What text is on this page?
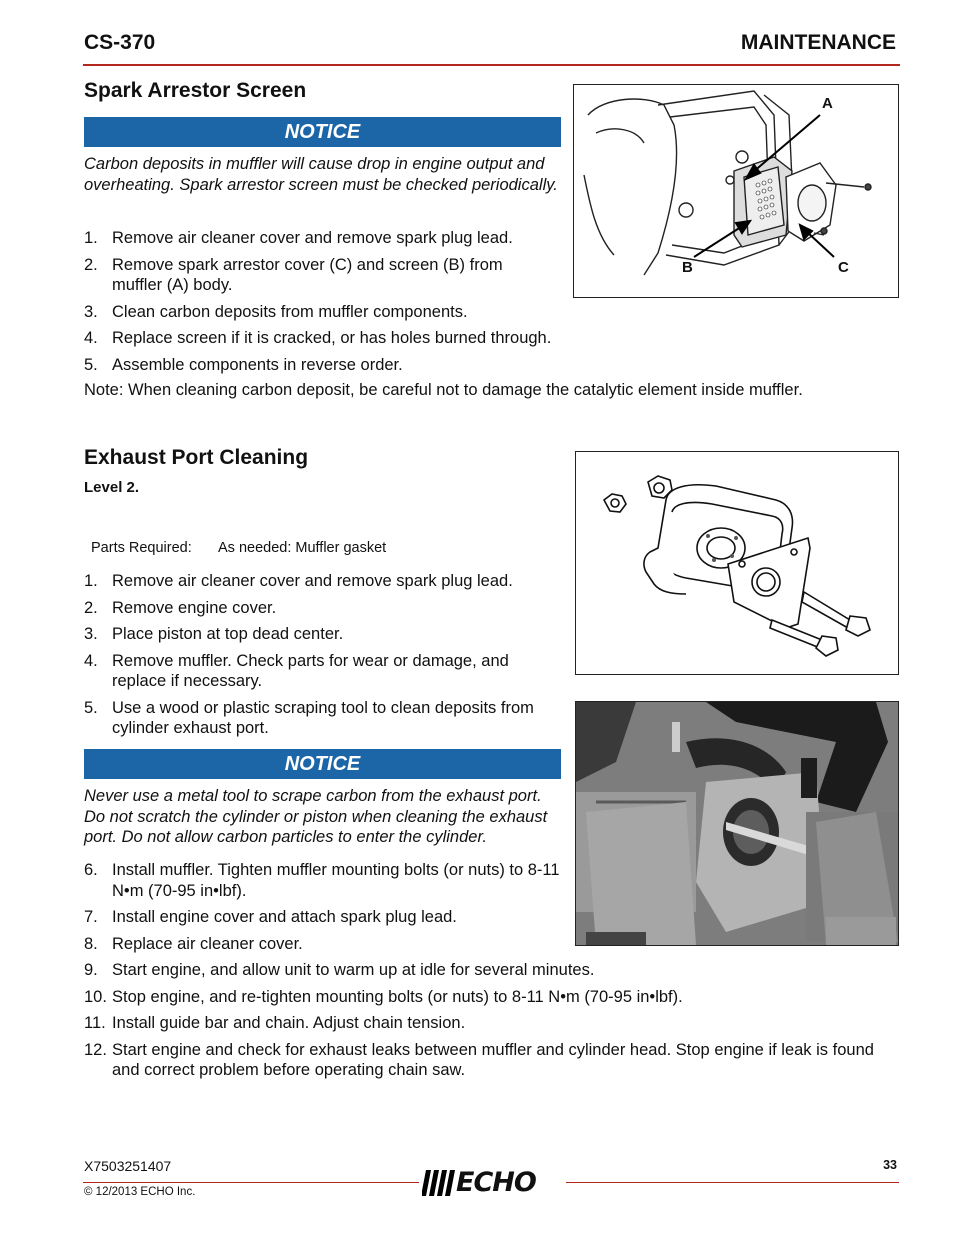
CS-370	MAINTENANCE
Spark Arrestor Screen
NOTICE
Carbon deposits in muffler will cause drop in engine output and overheating. Spark arrestor screen must be checked periodically.
1. Remove air cleaner cover and remove spark plug lead.
2. Remove spark arrestor cover (C) and screen (B) from muffler (A) body.
3. Clean carbon deposits from muffler components.
4. Replace screen if it is cracked, or has holes burned through.
5. Assemble components in reverse order.
Note: When cleaning carbon deposit, be careful not to damage the catalytic element inside muffler.
A
B	C
Exhaust Port Cleaning
Level 2.
Parts Required: As needed: Muffler gasket
1. Remove air cleaner cover and remove spark plug lead.
2. Remove engine cover.
3. Place piston at top dead center.
4. Remove muffler. Check parts for wear or damage, and replace if necessary.
5. Use a wood or plastic scraping tool to clean deposits from cylinder exhaust port.
NOTICE
Never use a metal tool to scrape carbon from the exhaust port. Do not scratch the cylinder or piston when cleaning the exhaust port. Do not allow carbon particles to enter the cylinder.
6. Install muffler. Tighten muffler mounting bolts (or nuts) to 8-11 N•m (70-95 in•lbf).
7. Install engine cover and attach spark plug lead.
8. Replace air cleaner cover.
9. Start engine, and allow unit to warm up at idle for several minutes.
10. Stop engine, and re-tighten mounting bolts (or nuts) to 8-11 N•m (70-95 in•lbf).
11. Install guide bar and chain. Adjust chain tension.
12. Start engine and check for exhaust leaks between muffler and cylinder head. Stop engine if leak is found and correct problem before operating chain saw.
X7503251407
© 12/2013 ECHO Inc.
33
ECHO
